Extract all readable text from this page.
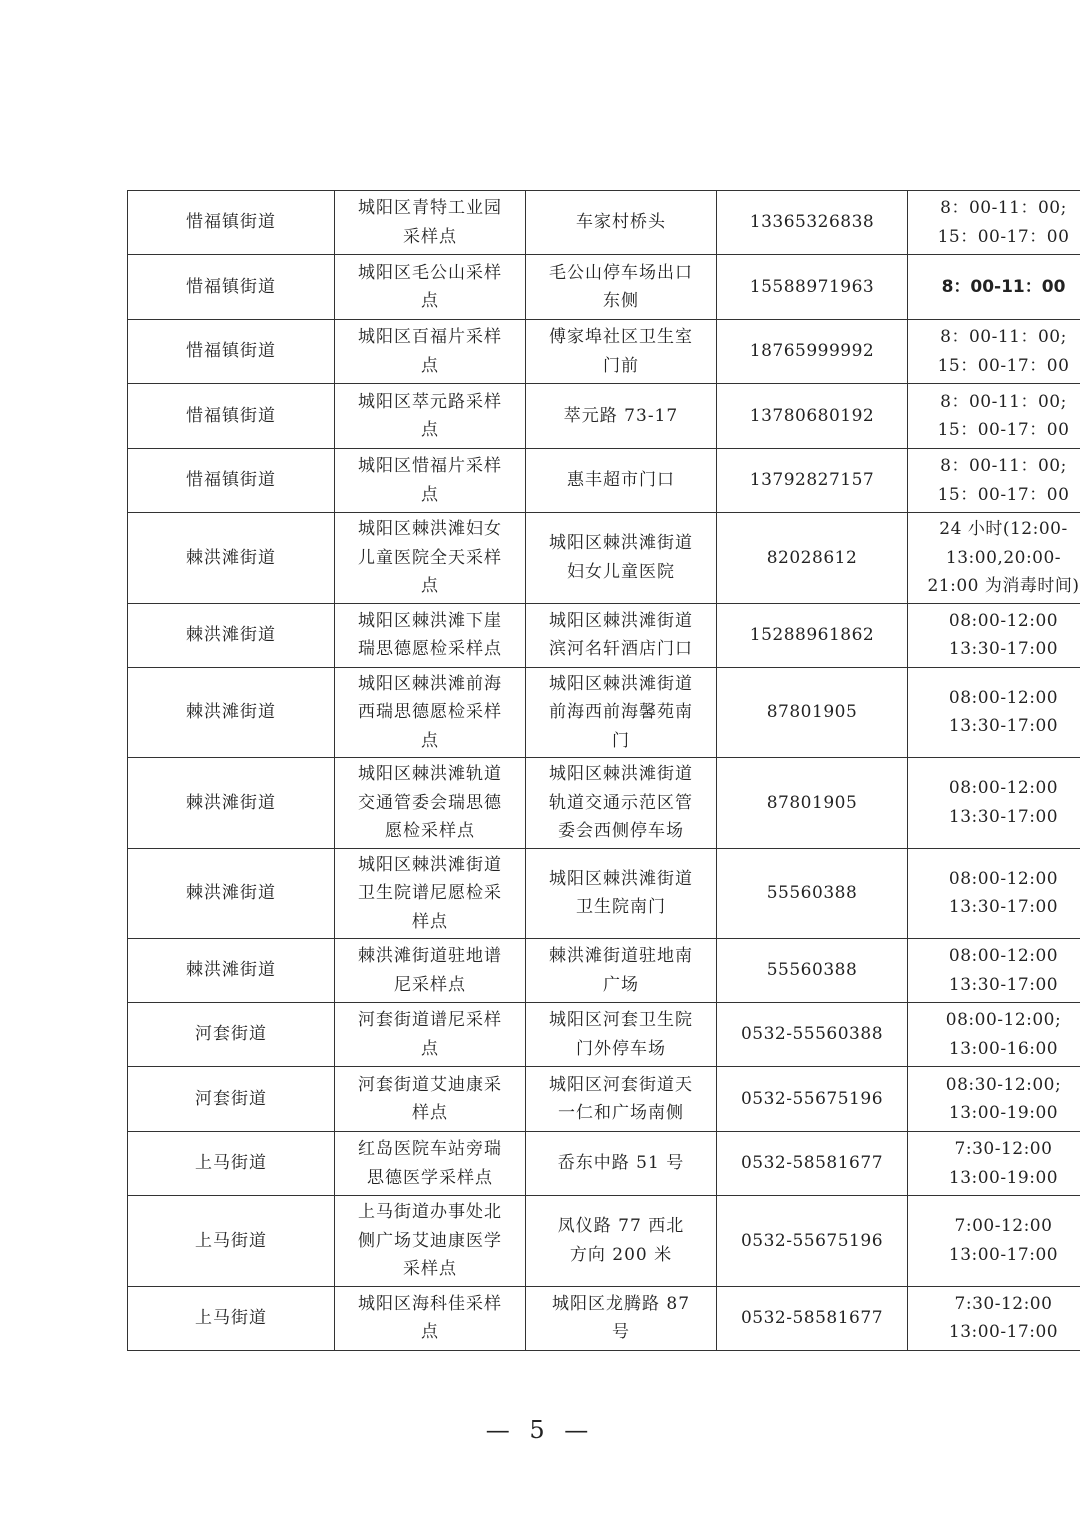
惜福镇街道	城阳区青特工业园
采样点	车家村桥头	13365326838	8：00-11：00;
15：00-17：00

惜福镇街道	城阳区毛公山采样
点	毛公山停车场出口
东侧	15588971963	8：00-11：00

惜福镇街道	城阳区百福片采样
点	傅家埠社区卫生室
门前	18765999992	8：00-11：00;
15：00-17：00

惜福镇街道	城阳区萃元路采样
点	萃元路 73-17	13780680192	8：00-11：00;
15：00-17：00

惜福镇街道	城阳区惜福片采样
点	惠丰超市门口	13792827157	8：00-11：00;
15：00-17：00

棘洪滩街道	城阳区棘洪滩妇女
儿童医院全天采样
点	城阳区棘洪滩街道
妇女儿童医院	82028612	24 小时(12:00-
13:00,20:00-
21:00 为消毒时间)

棘洪滩街道	城阳区棘洪滩下崖
瑞思德愿检采样点	城阳区棘洪滩街道
滨河名轩酒店门口	15288961862	08:00-12:00
13:30-17:00

棘洪滩街道	城阳区棘洪滩前海
西瑞思德愿检采样
点	城阳区棘洪滩街道
前海西前海馨苑南
门	87801905	08:00-12:00
13:30-17:00

棘洪滩街道	城阳区棘洪滩轨道
交通管委会瑞思德
愿检采样点	城阳区棘洪滩街道
轨道交通示范区管
委会西侧停车场	87801905	08:00-12:00
13:30-17:00

棘洪滩街道	城阳区棘洪滩街道
卫生院谱尼愿检采
样点	城阳区棘洪滩街道
卫生院南门	55560388	08:00-12:00
13:30-17:00

棘洪滩街道	棘洪滩街道驻地谱
尼采样点	棘洪滩街道驻地南
广场	55560388	08:00-12:00
13:30-17:00

河套街道	河套街道谱尼采样
点	城阳区河套卫生院
门外停车场	0532-55560388	08:00-12:00;
13:00-16:00

河套街道	河套街道艾迪康采
样点	城阳区河套街道天
一仁和广场南侧	0532-55675196	08:30-12:00;
13:00-19:00

上马街道	红岛医院车站旁瑞
思德医学采样点	岙东中路 51 号	0532-58581677	7:30-12:00
13:00-19:00

上马街道	上马街道办事处北
侧广场艾迪康医学
采样点	凤仪路 77 西北
方向 200 米	0532-55675196	7:00-12:00
13:00-17:00

上马街道	城阳区海科佳采样
点	城阳区龙腾路 87
号	0532-58581677	7:30-12:00
13:00-17:00
— 5 —
